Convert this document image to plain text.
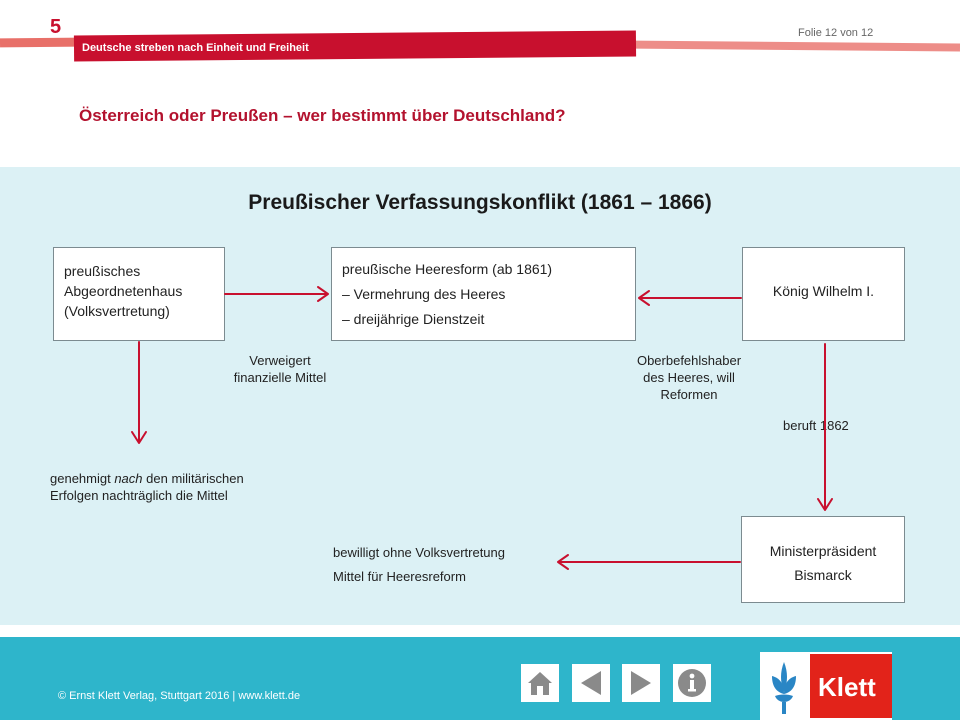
5
Deutsche streben nach Einheit und Freiheit
Folie 12 von 12
Österreich oder Preußen – wer bestimmt über Deutschland?
Preußischer Verfassungskonflikt (1861 – 1866)
preußisches
Abgeordnetenhaus
(Volksvertretung)
preußische Heeresform (ab 1861)
– Vermehrung des Heeres
– dreijährige Dienstzeit
König Wilhelm I.
Ministerpräsident
Bismarck
Verweigert
finanzielle Mittel
Oberbefehlshaber
des Heeres, will
Reformen
beruft 1862
genehmigt nach den militärischen
Erfolgen nachträglich die Mittel
bewilligt ohne Volksvertretung
Mittel für Heeresreform
© Ernst Klett Verlag, Stuttgart 2016 | www.klett.de	Klett
